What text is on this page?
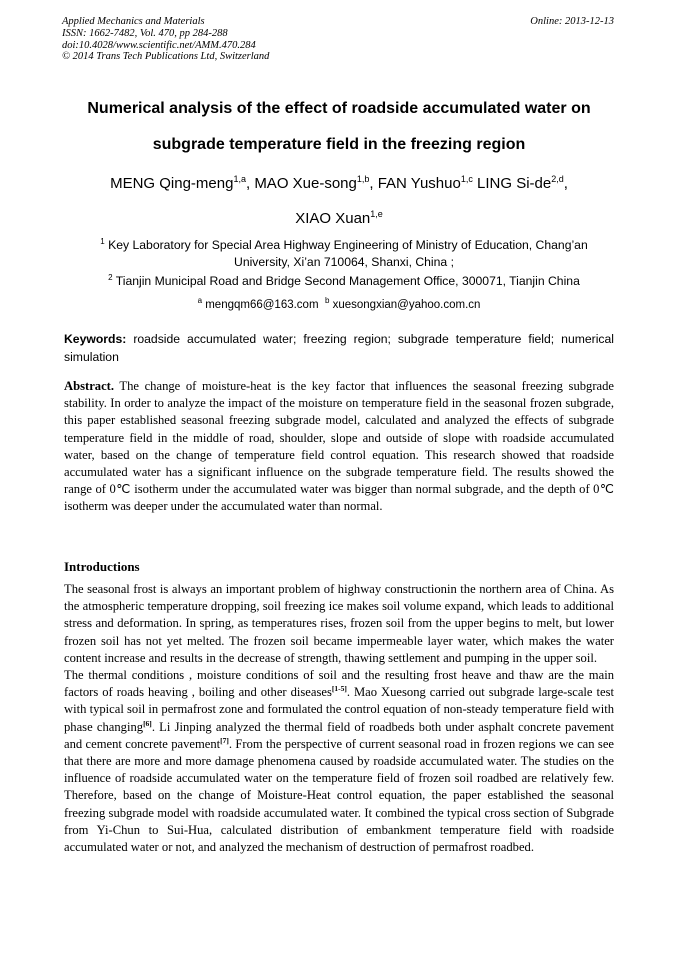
Applied Mechanics and Materials
ISSN: 1662-7482, Vol. 470, pp 284-288
doi:10.4028/www.scientific.net/AMM.470.284
© 2014 Trans Tech Publications Ltd, Switzerland
Online: 2013-12-13
Numerical analysis of the effect of roadside accumulated water on
subgrade temperature field in the freezing region
MENG Qing-meng$^{1,a}$, MAO Xue-song$^{1,b}$, FAN Yushuo$^{1,c}$ LING Si-de$^{2,d}$,
XIAO Xuan$^{1,e}$

$^1$ Key Laboratory for Special Area Highway Engineering of Ministry of Education, Chang’an University, Xi’an 710064, Shanxi, China ;

$^2$ Tianjin Municipal Road and Bridge Second Management Office, 300071, Tianjin China

$^a$ mengqm66@163.com $^b$ xuesongxian@yahoo.com.cn
Keywords: roadside accumulated water; freezing region; subgrade temperature field; numerical simulation
Abstract. The change of moisture-heat is the key factor that influences the seasonal freezing subgrade stability. In order to analyze the impact of the moisture on temperature field in the seasonal frozen subgrade, this paper established seasonal freezing subgrade model, calculated and analyzed the effects of subgrade temperature field in the middle of road, shoulder, slope and outside of slope with roadside accumulated water, based on the change of temperature field control equation. This research showed that roadside accumulated water has a significant influence on the subgrade temperature field. The results showed the range of 0℃ isotherm under the accumulated water was bigger than normal subgrade, and the depth of 0℃ isotherm was deeper under the accumulated water than normal.
Introductions

The seasonal frost is always an important problem of highway constructionin the northern area of China. As the atmospheric temperature dropping, soil freezing ice makes soil volume expand, which leads to additional stress and deformation. In spring, as temperatures rises, frozen soil from the upper begins to melt, but lower frozen soil has not yet melted. The frozen soil became impermeable layer water, which makes the water content increase and results in the decrease of strength, thawing settlement and pumping in the upper soil.

The thermal conditions , moisture conditions of soil and the resulting frost heave and thaw are the main factors of roads heaving , boiling and other diseases[1-5]. Mao Xuesong carried out subgrade large-scale test with typical soil in permafrost zone and formulated the control equation of non-steady temperature field with phase changing[6]. Li Jinping analyzed the thermal field of roadbeds both under asphalt concrete pavement and cement concrete pavement[7]. From the perspective of current seasonal road in frozen regions we can see that there are more and more damage phenomena caused by roadside accumulated water. The studies on the influence of roadside accumulated water on the temperature field of frozen soil roadbed are relatively few. Therefore, based on the change of Moisture-Heat control equation, the paper established the seasonal freezing subgrade model with roadside accumulated water. It combined the typical cross section of Subgrade from Yi-Chun to Sui-Hua, calculated distribution of embankment temperature field with roadside accumulated water or not, and analyzed the mechanism of destruction of permafrost roadbed.
